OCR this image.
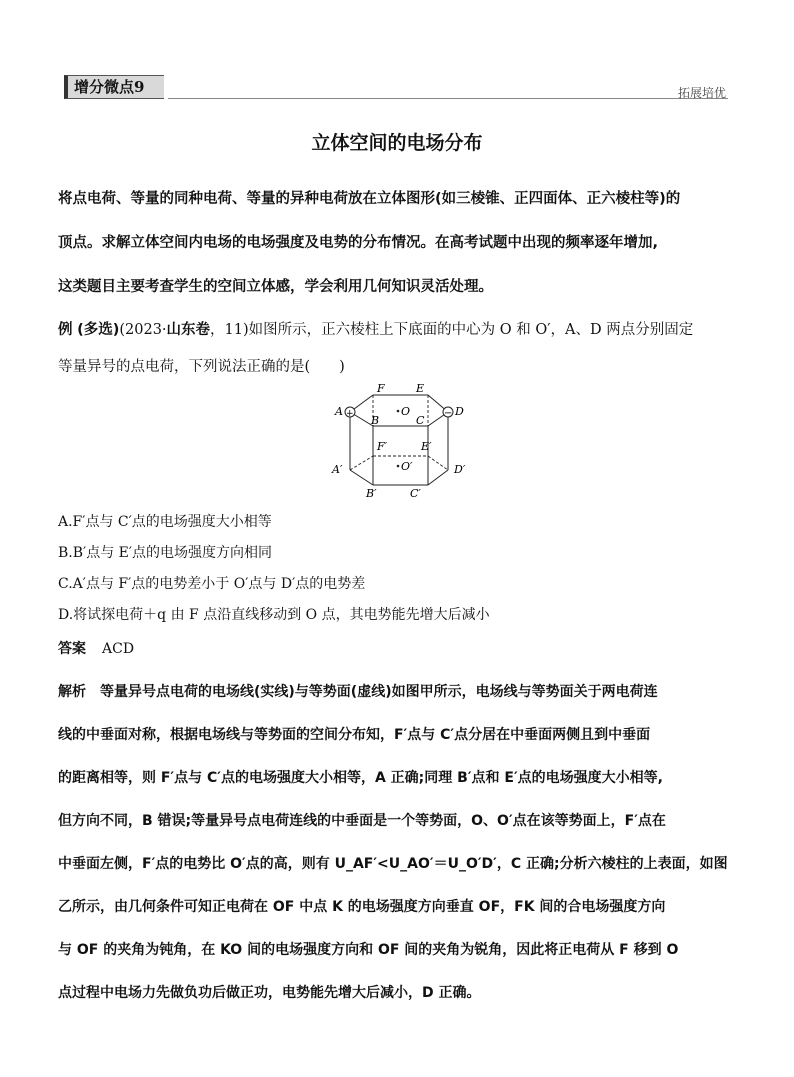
增分微点9	拓展培优
立体空间的电场分布
将点电荷、等量的同种电荷、等量的异种电荷放在立体图形(如三棱锥、正四面体、正六棱柱等)的
顶点。求解立体空间内电场的电场强度及电势的分布情况。在高考试题中出现的频率逐年增加,
这类题目主要考查学生的空间立体感，学会利用几何知识灵活处理。
例 (多选)(2023·山东卷，11)如图所示，正六棱柱上下底面的中心为 O 和 O′，A、D 两点分别固定
等量异号的点电荷，下列说法正确的是(　　)
+	−
F	E
A
B
O
C
D
F′	E′
A′	O′	D′
B′	C′
A.F′点与 C′点的电场强度大小相等
B.B′点与 E′点的电场强度方向相同
C.A′点与 F′点的电势差小于 O′点与 D′点的电势差
D.将试探电荷＋q 由 F 点沿直线移动到 O 点，其电势能先增大后减小
答案 ACD
解析 等量异号点电荷的电场线(实线)与等势面(虚线)如图甲所示，电场线与等势面关于两电荷连
线的中垂面对称，根据电场线与等势面的空间分布知，F′点与 C′点分居在中垂面两侧且到中垂面
的距离相等，则 F′点与 C′点的电场强度大小相等，A 正确;同理 B′点和 E′点的电场强度大小相等,
但方向不同，B 错误;等量异号点电荷连线的中垂面是一个等势面，O、O′点在该等势面上，F′点在
中垂面左侧，F′点的电势比 O′点的高，则有 U_AF′<U_AO′＝U_O′D′，C 正确;分析六棱柱的上表面，如图
乙所示，由几何条件可知正电荷在 OF 中点 K 的电场强度方向垂直 OF，FK 间的合电场强度方向
与 OF 的夹角为钝角，在 KO 间的电场强度方向和 OF 间的夹角为锐角，因此将正电荷从 F 移到 O
点过程中电场力先做负功后做正功，电势能先增大后减小，D 正确。
